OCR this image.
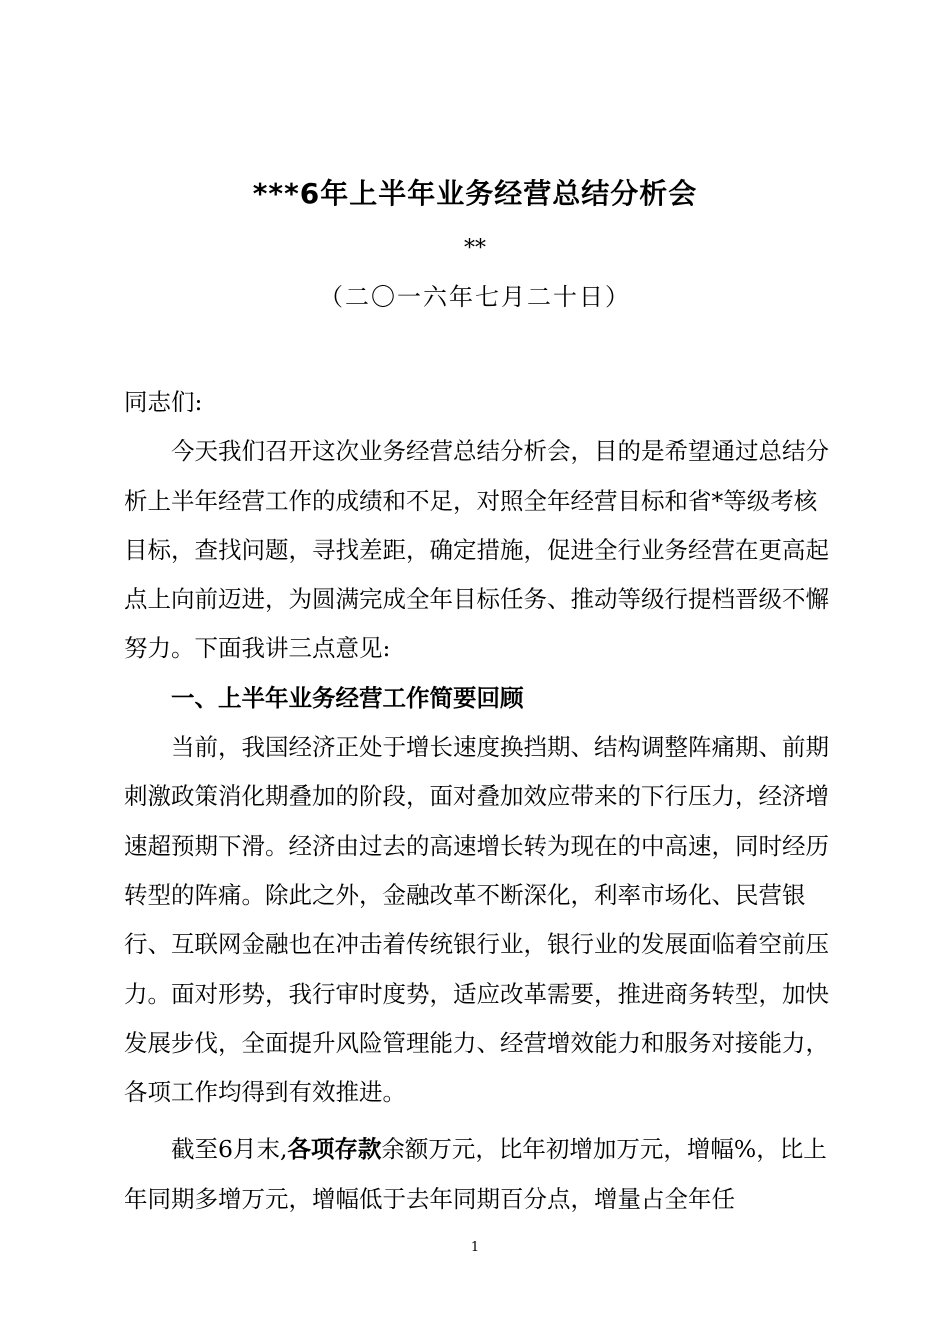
***6年上半年业务经营总结分析会
**
（二〇一六年七月二十日）

同志们:

今天我们召开这次业务经营总结分析会，目的是希望通过总结分析上半年经营工作的成绩和不足，对照全年经营目标和省*等级考核目标，查找问题，寻找差距，确定措施，促进全行业务经营在更高起点上向前迈进，为圆满完成全年目标任务、推动等级行提档晋级不懈努力。下面我讲三点意见:

一、上半年业务经营工作简要回顾

当前，我国经济正处于增长速度换挡期、结构调整阵痛期、前期刺激政策消化期叠加的阶段，面对叠加效应带来的下行压力，经济增速超预期下滑。经济由过去的高速增长转为现在的中高速，同时经历转型的阵痛。除此之外，金融改革不断深化，利率市场化、民营银行、互联网金融也在冲击着传统银行业，银行业的发展面临着空前压力。面对形势，我行审时度势，适应改革需要，推进商务转型，加快发展步伐，全面提升风险管理能力、经营增效能力和服务对接能力，各项工作均得到有效推进。

截至6月末,各项存款余额万元，比年初增加万元，增幅%，比上年同期多增万元，增幅低于去年同期百分点，增量占全年任

1
